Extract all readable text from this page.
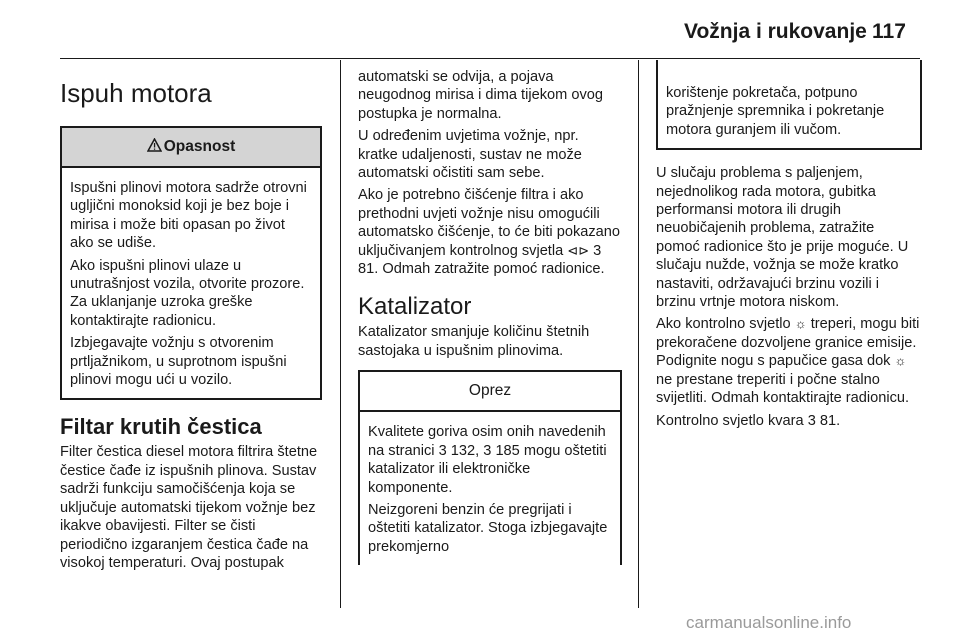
Vožnja i rukovanje 117
Ispuh motora
Opasnost

Ispušni plinovi motora sadrže otrovni ugljični monoksid koji je bez boje i mirisa i može biti opasan po život ako se udiše.

Ako ispušni plinovi ulaze u unutrašnjost vozila, otvorite prozore. Za uklanjanje uzroka greške kontaktirajte radionicu.

Izbjegavajte vožnju s otvorenim prtljažnikom, u suprotnom ispušni plinovi mogu ući u vozilo.

Filtar krutih čestica

Filter čestica diesel motora filtrira štetne čestice čađe iz ispušnih plinova. Sustav sadrži funkciju samočišćenja koja se uključuje automatski tijekom vožnje bez ikakve obavijesti. Filter se čisti periodično izgaranjem čestica čađe na visokoj temperaturi. Ovaj postupak

automatski se odvija, a pojava neugodnog mirisa i dima tijekom ovog postupka je normalna.

U određenim uvjetima vožnje, npr. kratke udaljenosti, sustav ne može automatski očistiti sam sebe.

Ako je potrebno čišćenje filtra i ako prethodni uvjeti vožnje nisu omogućili automatsko čišćenje, to će biti pokazano uključivanjem kontrolnog svjetla ⊲⊳ 3 81. Odmah zatražite pomoć radionice.

Katalizator

Katalizator smanjuje količinu štetnih sastojaka u ispušnim plinovima.

Oprez

Kvalitete goriva osim onih navedenih na stranici 3 132, 3 185 mogu oštetiti katalizator ili elektroničke komponente.

Neizgoreni benzin će pregrijati i oštetiti katalizator. Stoga izbjegavajte prekomjerno

korištenje pokretača, potpuno pražnjenje spremnika i pokretanje motora guranjem ili vučom.

U slučaju problema s paljenjem, nejednolikog rada motora, gubitka performansi motora ili drugih neuobičajenih problema, zatražite pomoć radionice što je prije moguće. U slučaju nužde, vožnja se može kratko nastaviti, održavajući brzinu vozili i brzinu vrtnje motora niskom.

Ako kontrolno svjetlo ☼ treperi, mogu biti prekoračene dozvoljene granice emisije. Podignite nogu s papučice gasa dok ☼ ne prestane treperiti i počne stalno svijetliti. Odmah kontaktirajte radionicu.

Kontrolno svjetlo kvara 3 81.

carmanualsonline.info
